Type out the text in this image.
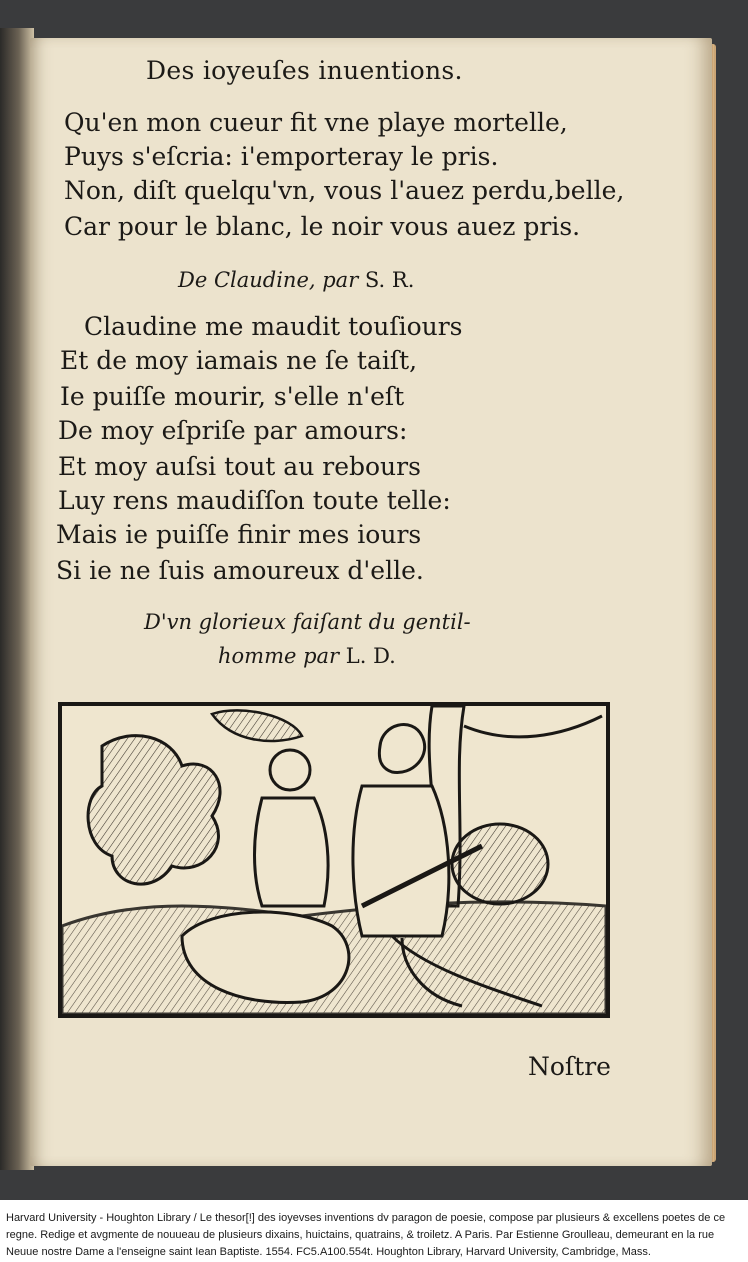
Des ioyeuſes inuentions.
Qu'en mon cueur fit vne playe mortelle,
Puys s'eſcria: i'emporteray le pris.
Non, diſt quelqu'vn, vous l'auez perdu,belle,
Car pour le blanc, le noir vous auez pris.
De Claudine, par S. R.
Claudine me maudit touſiours
Et de moy iamais ne ſe taiſt,
Ie puiſſe mourir, s'elle n'eſt
De moy eſpriſe par amours:
Et moy auſsi tout au rebours
Luy rens maudiſſon toute telle:
Mais ie puiſſe finir mes iours
Si ie ne ſuis amoureux d'elle.
D'vn glorieux faiſant du gentil-
homme par L. D.
Noſtre
Harvard University - Houghton Library / Le thesor[!] des ioyevses inventions dv paragon de poesie, compose par plusieurs & excellens poetes de ce regne. Redige et avgmente de nouueau de plusieurs dixains, huictains, quatrains, & troiletz. A Paris. Par Estienne Groulleau, demeurant en la rue Neuue nostre Dame a l'enseigne saint Iean Baptiste. 1554. FC5.A100.554t. Houghton Library, Harvard University, Cambridge, Mass.
